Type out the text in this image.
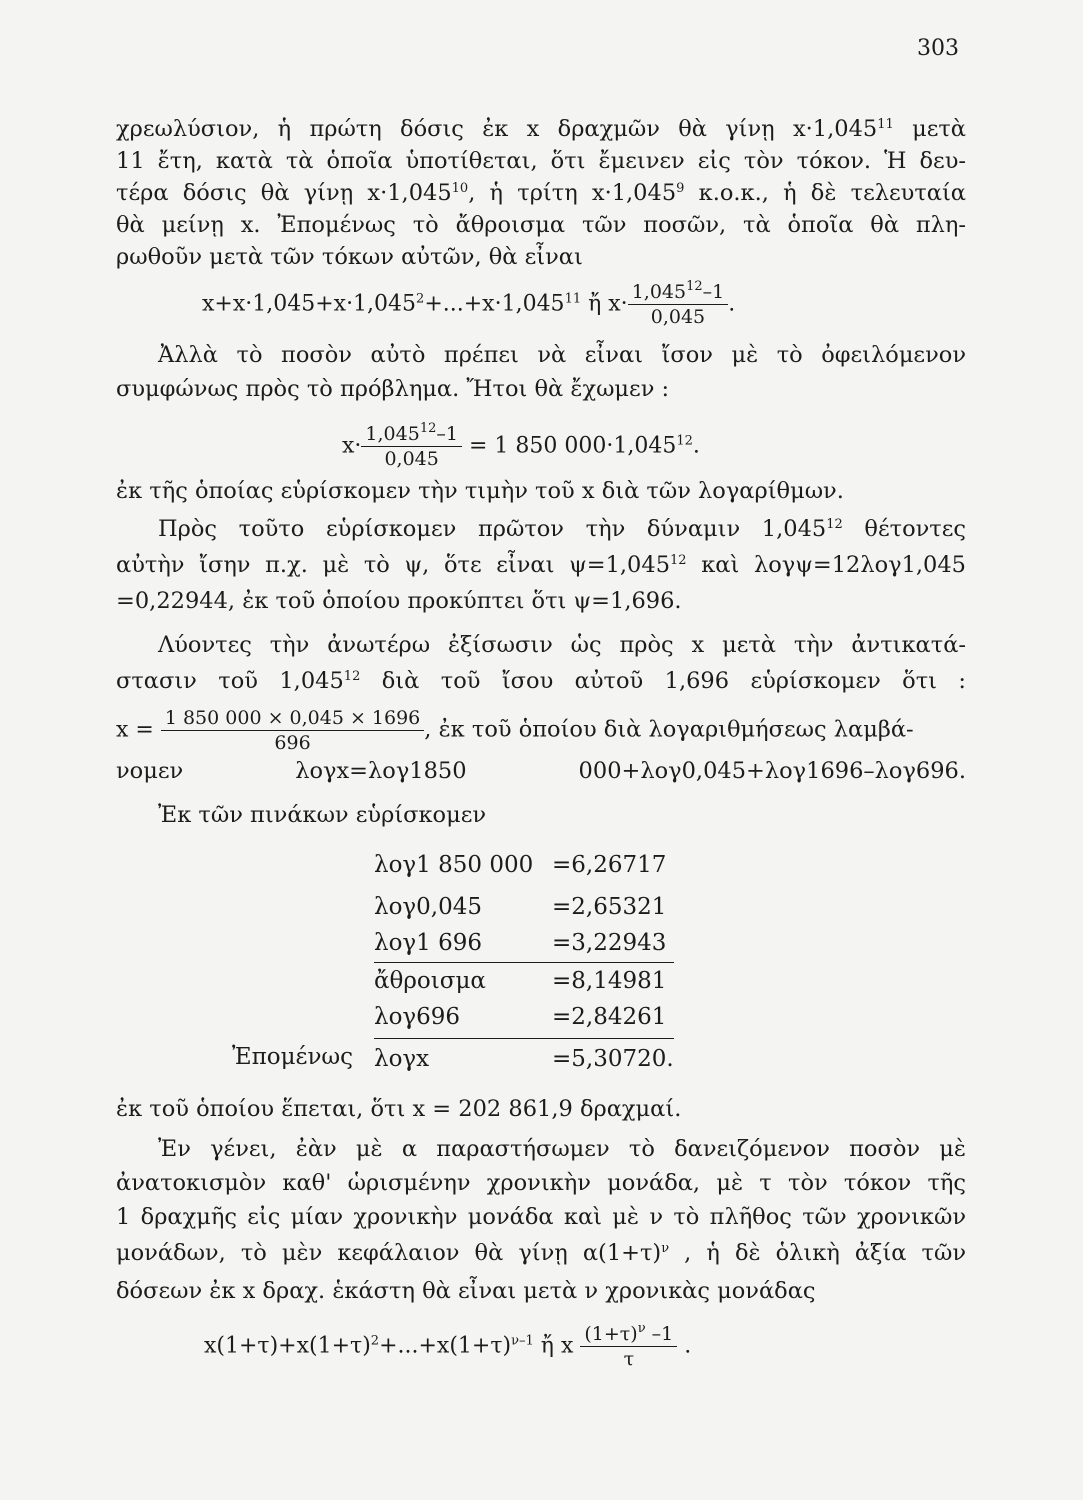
303
χρεωλύσιον, ἡ πρώτη δόσις ἐκ x δραχμῶν θὰ γίνῃ $x\cdot 1,045^{11}$ μετὰ
11 ἔτη, κατὰ τὰ ὁποῖα ὑποτίθεται, ὅτι ἔμεινεν εἰς τὸν τόκον. Ἡ δευ-
τέρα δόσις θὰ γίνῃ $x\cdot 1,045^{10}$, ἡ τρίτη $x\cdot 1,045^9$ κ.ο.κ., ἡ δὲ τελευταία
θὰ μείνῃ x. Ἐπομένως τὸ ἄθροισμα τῶν ποσῶν, τὰ ὁποῖα θὰ πλη-
ρωθοῦν μετὰ τῶν τόκων αὐτῶν, θὰ εἶναι
$x+x\cdot 1,045+x\cdot 1,045^2+...+x\cdot 1,045^{11}$ ἤ $x\cdot \frac{1,045^{12}-1}{0,045}$ .
Ἀλλὰ τὸ ποσὸν αὐτὸ πρέπει νὰ εἶναι ἴσον μὲ τὸ ὀφειλόμενον
συμφώνως πρὸς τὸ πρόβλημα. Ἤτοι θὰ ἔχωμεν :
$x\cdot \frac{1,045^{12}-1}{0,045} = 1$ 850 $000\cdot 1,045^{12}$.
ἐκ τῆς ὁποίας εὑρίσκομεν τὴν τιμὴν τοῦ x διὰ τῶν λογαρίθμων.
Πρὸς τοῦτο εὑρίσκομεν πρῶτον τὴν δύναμιν 1,045$^{12}$ θέτοντες
αὐτὴν ἴσην π.χ. μὲ τὸ ψ, ὅτε εἶναι $\psi=1,045^{12}$ καὶ λογψ=12λογ1,045
=0,22944, ἐκ τοῦ ὁποίου προκύπτει ὅτι ψ=1,696.
Λύοντες τὴν ἀνωτέρω ἐξίσωσιν ὡς πρὸς x μετὰ τὴν ἀντικατά-
στασιν τοῦ 1,045$^{12}$ διὰ τοῦ ἴσου αὐτοῦ 1,696 εὑρίσκομεν ὅτι :
$x = \frac{1 850 000 \times 0,045 \times 1696}{696}$ , ἐκ τοῦ ὁποίου διὰ λογαριθμήσεως λαμβά-
νομεν λογx=λογ1850 000+λογ0,045+λογ1696–λογ696.
Ἐκ τῶν πινάκων εὑρίσκομεν
λογ1 850 000 =6,26717
λογ0,045	=2,65321
λογ1 696	=3,22943
ἄθροισμα	=8,14981
λογ696	=2,84261
Ἐπομένως λογx	=5,30720.
ἐκ τοῦ ὁποίου ἕπεται, ὅτι x = 202 861,9 δραχμαί.
Ἐν γένει, ἐὰν μὲ α παραστήσωμεν τὸ δανειζόμενον ποσὸν μὲ
ἀνατοκισμὸν καθ' ὡρισμένην χρονικὴν μονάδα, μὲ τ τὸν τόκον τῆς
1 δραχμῆς εἰς μίαν χρονικὴν μονάδα καὶ μὲ ν τὸ πλῆθος τῶν χρονικῶν
μονάδων, τὸ μὲν κεφάλαιον θὰ γίνῃ $\alpha(1+\tau)^\nu$ , ἡ δὲ ὁλικὴ ἀξία τῶν
δόσεων ἐκ x δραχ. ἑκάστη θὰ εἶναι μετὰ ν χρονικὰς μονάδας
$x(1+\tau)+x(1+\tau)^2+...+x(1+\tau)^{\nu-1}$ ἤ x $\frac{(1+\tau)^\nu -1}{\tau}$ .
